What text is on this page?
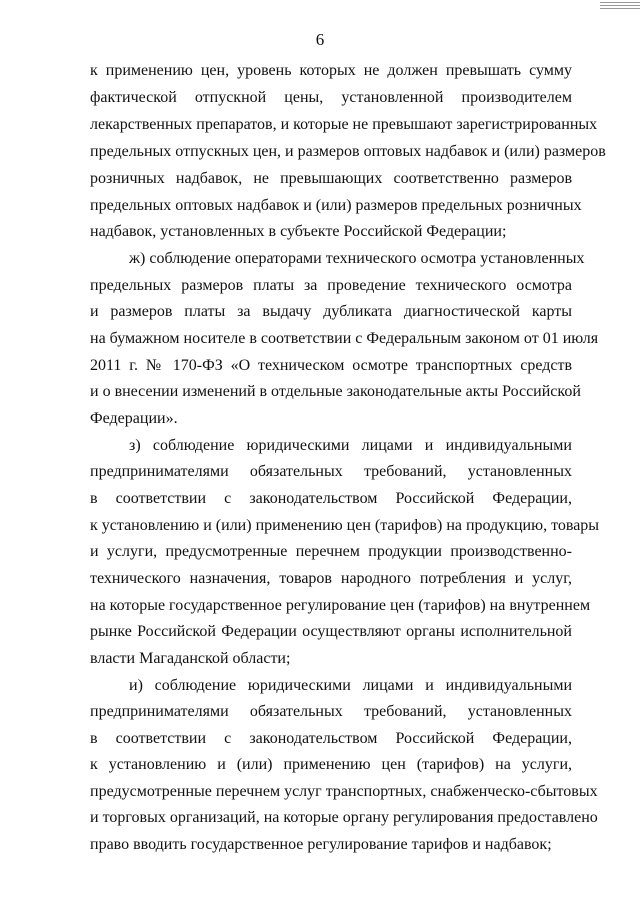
6
к применению цен, уровень которых не должен превышать сумму
фактической отпускной цены, установленной производителем
лекарственных препаратов, и которые не превышают зарегистрированных
предельных отпускных цен, и размеров оптовых надбавок и (или) размеров
розничных надбавок, не превышающих соответственно размеров
предельных оптовых надбавок и (или) размеров предельных розничных
надбавок, установленных в субъекте Российской Федерации;
ж) соблюдение операторами технического осмотра установленных
предельных размеров платы за проведение технического осмотра
и размеров платы за выдачу дубликата диагностической карты
на бумажном носителе в соответствии с Федеральным законом от 01 июля
2011 г. № 170-ФЗ «О техническом осмотре транспортных средств
и о внесении изменений в отдельные законодательные акты Российской
Федерации».
з) соблюдение юридическими лицами и индивидуальными
предпринимателями обязательных требований, установленных
в соответствии с законодательством Российской Федерации,
к установлению и (или) применению цен (тарифов) на продукцию, товары
и услуги, предусмотренные перечнем продукции производственно-
технического назначения, товаров народного потребления и услуг,
на которые государственное регулирование цен (тарифов) на внутреннем
рынке Российской Федерации осуществляют органы исполнительной
власти Магаданской области;
и) соблюдение юридическими лицами и индивидуальными
предпринимателями обязательных требований, установленных
в соответствии с законодательством Российской Федерации,
к установлению и (или) применению цен (тарифов) на услуги,
предусмотренные перечнем услуг транспортных, снабженческо-сбытовых
и торговых организаций, на которые органу регулирования предоставлено
право вводить государственное регулирование тарифов и надбавок;
